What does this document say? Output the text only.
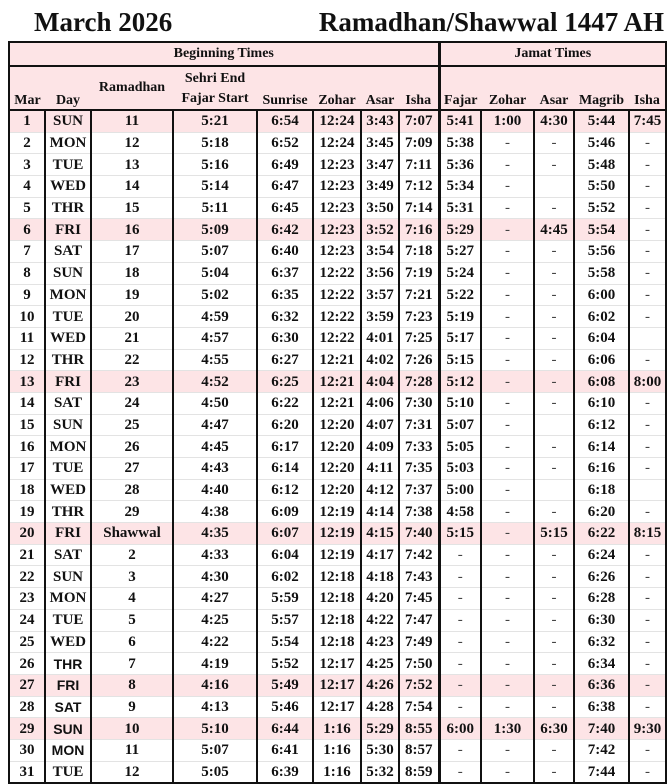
March 2026	Ramadhan/Shawwal 1447 AH
Beginning Times								Jamat Times				
Mar	Day	Ramadhan	Sehri End
Fajar Start	Sunrise	Zohar	Asar	Isha	Fajar	Zohar	Asar	Magrib	Isha
1	SUN	11	5:21	6:54	12:24	3:43	7:07	5:41	1:00	4:30	5:44	7:45
2	MON	12	5:18	6:52	12:24	3:45	7:09	5:38	-	-	5:46	-
3	TUE	13	5:16	6:49	12:23	3:47	7:11	5:36	-	-	5:48	-
4	WED	14	5:14	6:47	12:23	3:49	7:12	5:34	-		5:50	-
5	THR	15	5:11	6:45	12:23	3:50	7:14	5:31	-	-	5:52	-
6	FRI	16	5:09	6:42	12:23	3:52	7:16	5:29	-	4:45	5:54	-
7	SAT	17	5:07	6:40	12:23	3:54	7:18	5:27	-	-	5:56	-
8	SUN	18	5:04	6:37	12:22	3:56	7:19	5:24	-	-	5:58	-
9	MON	19	5:02	6:35	12:22	3:57	7:21	5:22	-	-	6:00	-
10	TUE	20	4:59	6:32	12:22	3:59	7:23	5:19	-	-	6:02	-
11	WED	21	4:57	6:30	12:22	4:01	7:25	5:17	-	-	6:04	
12	THR	22	4:55	6:27	12:21	4:02	7:26	5:15	-	-	6:06	-
13	FRI	23	4:52	6:25	12:21	4:04	7:28	5:12	-	-	6:08	8:00
14	SAT	24	4:50	6:22	12:21	4:06	7:30	5:10	-	-	6:10	-
15	SUN	25	4:47	6:20	12:20	4:07	7:31	5:07	-		6:12	-
16	MON	26	4:45	6:17	12:20	4:09	7:33	5:05	-	-	6:14	-
17	TUE	27	4:43	6:14	12:20	4:11	7:35	5:03	-	-	6:16	-
18	WED	28	4:40	6:12	12:20	4:12	7:37	5:00	-		6:18	
19	THR	29	4:38	6:09	12:19	4:14	7:38	4:58	-	-	6:20	-
20	FRI	Shawwal	4:35	6:07	12:19	4:15	7:40	5:15	-	5:15	6:22	8:15
21	SAT	2	4:33	6:04	12:19	4:17	7:42	-	-	-	6:24	-
22	SUN	3	4:30	6:02	12:18	4:18	7:43	-	-	-	6:26	-
23	MON	4	4:27	5:59	12:18	4:20	7:45	-	-	-	6:28	-
24	TUE	5	4:25	5:57	12:18	4:22	7:47	-	-	-	6:30	-
25	WED	6	4:22	5:54	12:18	4:23	7:49	-	-	-	6:32	-
26	THR	7	4:19	5:52	12:17	4:25	7:50	-	-	-	6:34	-
27	FRI	8	4:16	5:49	12:17	4:26	7:52	-	-	-	6:36	-
28	SAT	9	4:13	5:46	12:17	4:28	7:54	-	-	-	6:38	-
29	SUN	10	5:10	6:44	1:16	5:29	8:55	6:00	1:30	6:30	7:40	9:30
30	MON	11	5:07	6:41	1:16	5:30	8:57	-	-	-	7:42	-
31	TUE	12	5:05	6:39	1:16	5:32	8:59	-	-	-	7:44	-
